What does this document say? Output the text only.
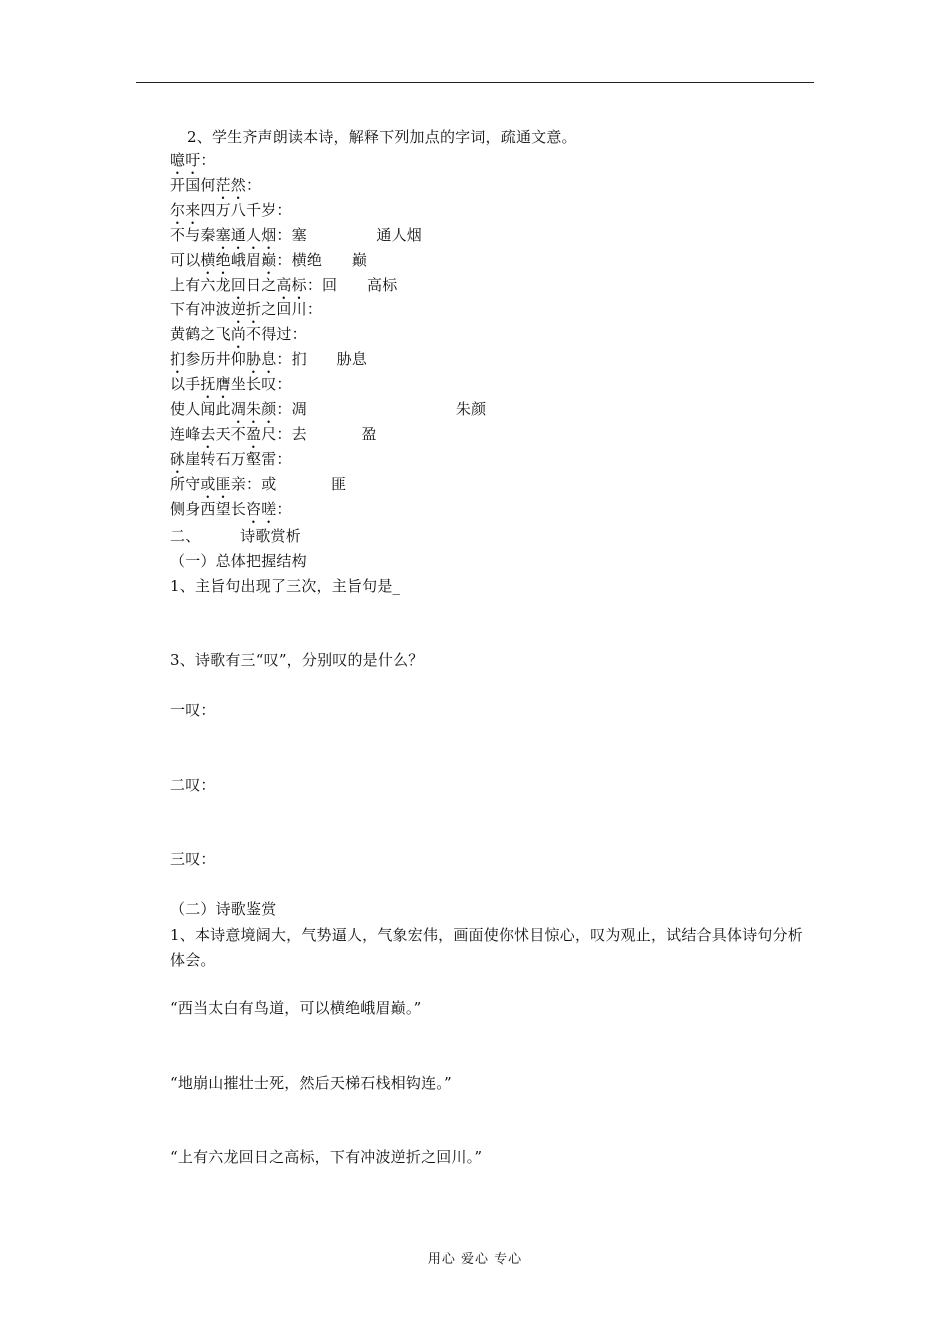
2、学生齐声朗读本诗，解释下列加点的字词，疏通文意。
噫吁：
开国何茫然：
尔来四万八千岁：
不与秦塞通人烟：塞              通人烟
可以横绝峨眉巅：横绝      巅
上有六龙回日之高标：回      高标
下有冲波逆折之回川：
黄鹤之飞尚不得过：
扪参历井仰胁息：扪      胁息
以手抚膺坐长叹：
使人闻此凋朱颜：凋                              朱颜
连峰去天不盈尺：去           盈
砯崖转石万壑雷：
所守或匪亲：或           匪
侧身西望长咨嗟：
二、        诗歌赏析
（一）总体把握结构
1、主旨句出现了三次，主旨句是_
3、诗歌有三“叹”，分别叹的是什么？
一叹：
二叹：
三叹：
（二）诗歌鉴赏
1、本诗意境阔大，气势逼人，气象宏伟，画面使你怵目惊心，叹为观止，试结合具体诗句分析体会。
“西当太白有鸟道，可以横绝峨眉巅。”
“地崩山摧壮士死，然后天梯石栈相钩连。”
“上有六龙回日之高标，下有冲波逆折之回川。”
用心 爱心 专心
